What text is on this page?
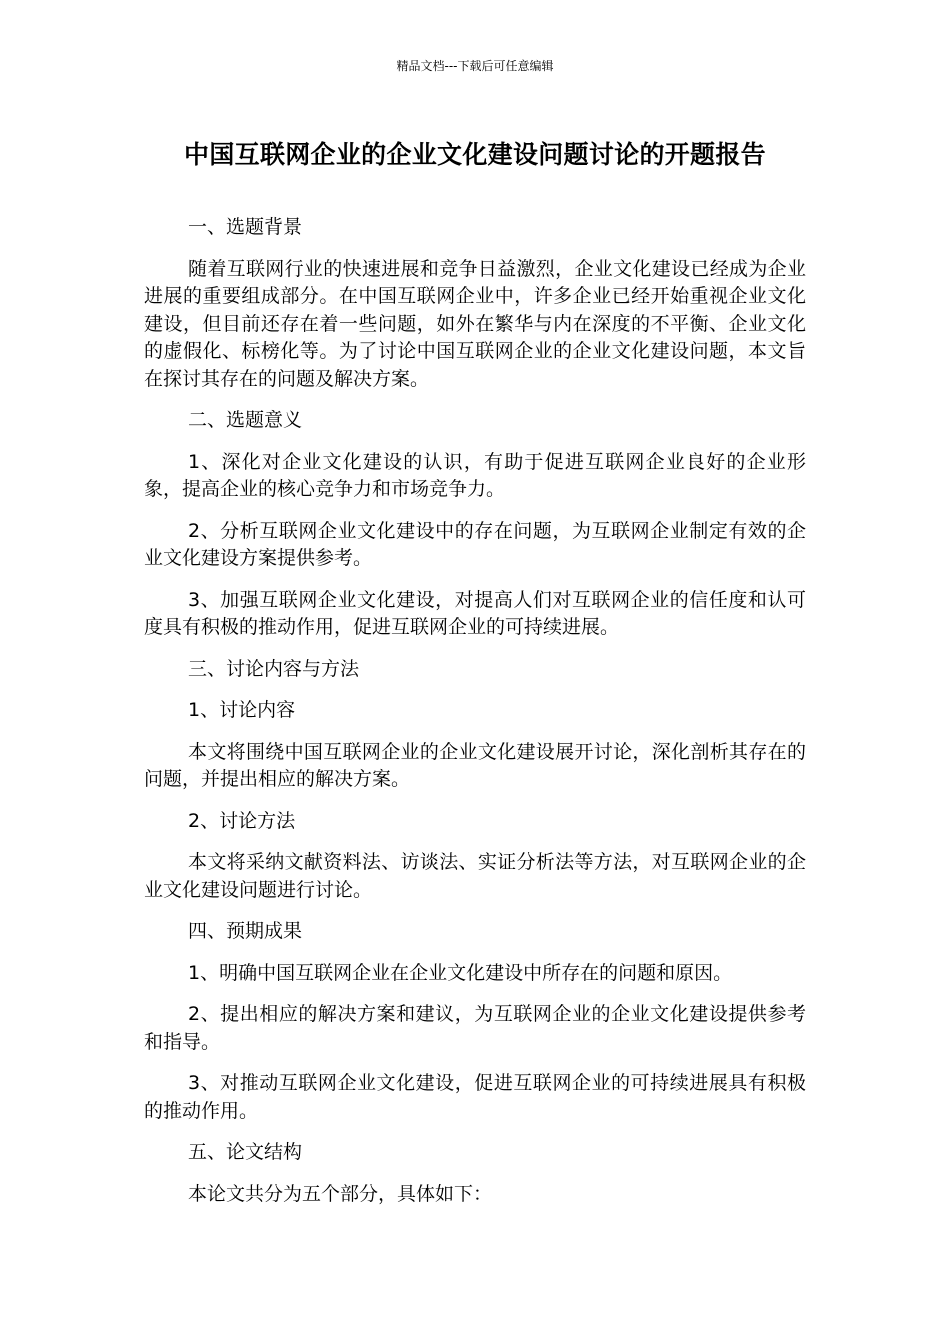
精品文档---下载后可任意编辑
中国互联网企业的企业文化建设问题讨论的开题报告

一、选题背景

随着互联网行业的快速进展和竞争日益激烈，企业文化建设已经成为企业进展的重要组成部分。在中国互联网企业中，许多企业已经开始重视企业文化建设，但目前还存在着一些问题，如外在繁华与内在深度的不平衡、企业文化的虚假化、标榜化等。为了讨论中国互联网企业的企业文化建设问题，本文旨在探讨其存在的问题及解决方案。

二、选题意义

1、深化对企业文化建设的认识，有助于促进互联网企业良好的企业形象，提高企业的核心竞争力和市场竞争力。

2、分析互联网企业文化建设中的存在问题，为互联网企业制定有效的企业文化建设方案提供参考。

3、加强互联网企业文化建设，对提高人们对互联网企业的信任度和认可度具有积极的推动作用，促进互联网企业的可持续进展。

三、讨论内容与方法

1、讨论内容

本文将围绕中国互联网企业的企业文化建设展开讨论，深化剖析其存在的问题，并提出相应的解决方案。

2、讨论方法

本文将采纳文献资料法、访谈法、实证分析法等方法，对互联网企业的企业文化建设问题进行讨论。

四、预期成果

1、明确中国互联网企业在企业文化建设中所存在的问题和原因。

2、提出相应的解决方案和建议，为互联网企业的企业文化建设提供参考和指导。

3、对推动互联网企业文化建设，促进互联网企业的可持续进展具有积极的推动作用。

五、论文结构

本论文共分为五个部分，具体如下：
